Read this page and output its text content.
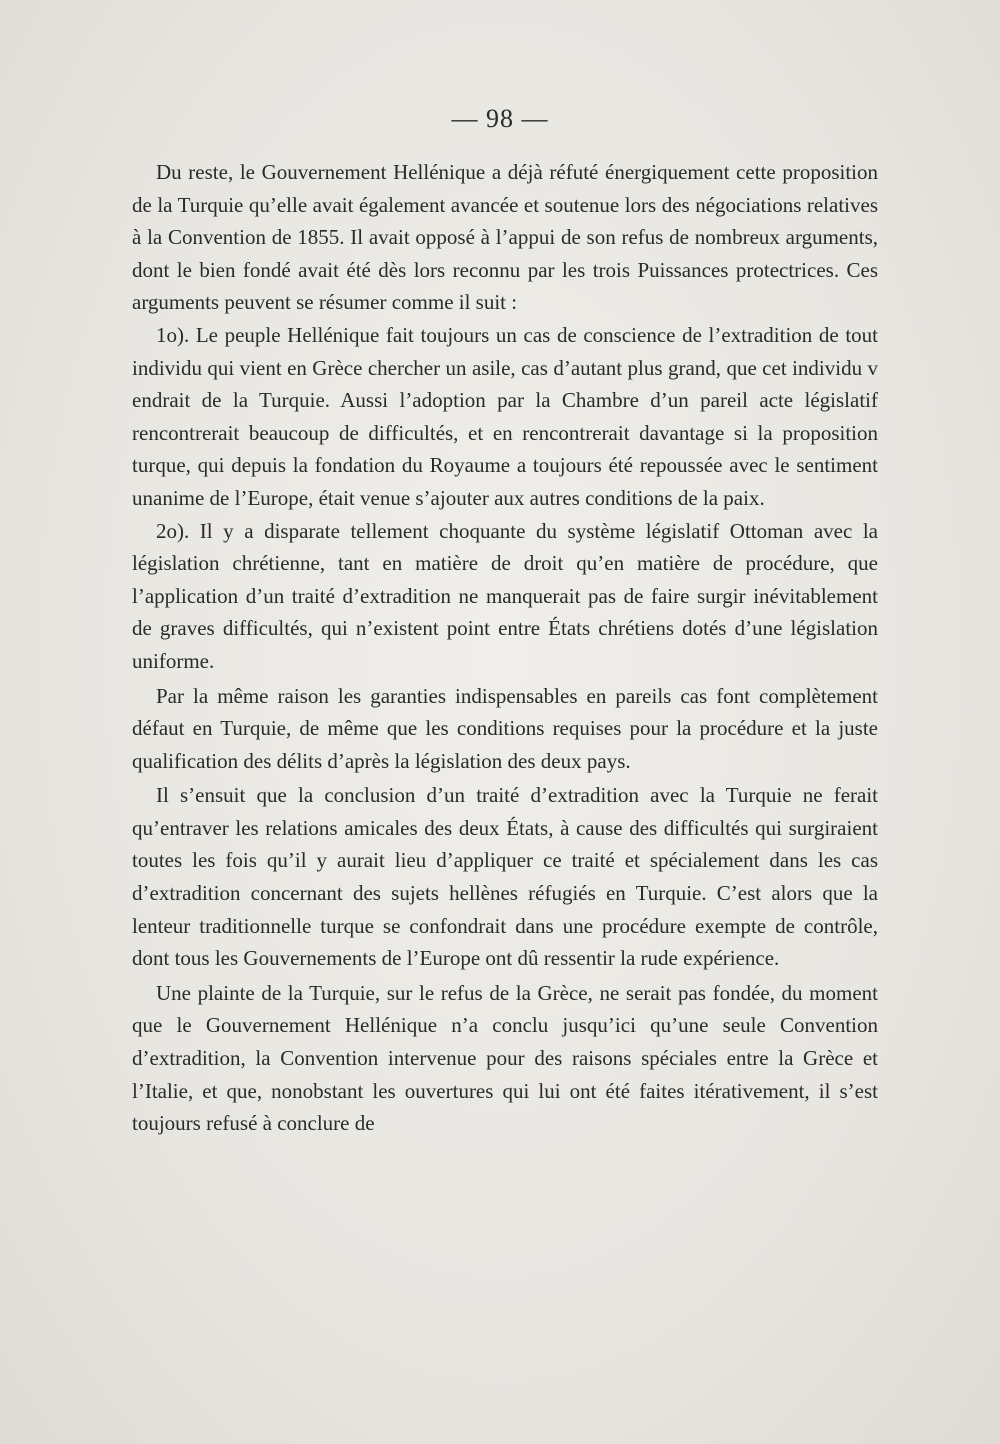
— 98 —

Du reste, le Gouvernement Hellénique a déjà réfuté énergiquement cette proposition de la Turquie qu’elle avait également avancée et soutenue lors des négociations relatives à la Convention de 1855. Il avait opposé à l’appui de son refus de nombreux arguments, dont le bien fondé avait été dès lors reconnu par les trois Puissances protectrices. Ces arguments peuvent se résumer comme il suit :

1o). Le peuple Hellénique fait toujours un cas de conscience de l’extradition de tout individu qui vient en Grèce chercher un asile, cas d’autant plus grand, que cet individu v endrait de la Turquie. Aussi l’adoption par la Chambre d’un pareil acte législatif rencontrerait beaucoup de difficultés, et en rencontrerait davantage si la proposition turque, qui depuis la fondation du Royaume a toujours été repoussée avec le sentiment unanime de l’Europe, était venue s’ajouter aux autres conditions de la paix.

2o). Il y a disparate tellement choquante du système législatif Ottoman avec la législation chrétienne, tant en matière de droit qu’en matière de procédure, que l’application d’un traité d’extradition ne manquerait pas de faire surgir inévitablement de graves difficultés, qui n’existent point entre États chrétiens dotés d’une législation uniforme.

Par la même raison les garanties indispensables en pareils cas font complètement défaut en Turquie, de même que les conditions requises pour la procédure et la juste qualification des délits d’après la législation des deux pays.

Il s’ensuit que la conclusion d’un traité d’extradition avec la Turquie ne ferait qu’entraver les relations amicales des deux États, à cause des difficultés qui surgiraient toutes les fois qu’il y aurait lieu d’appliquer ce traité et spécialement dans les cas d’extradition concernant des sujets hellènes réfugiés en Turquie. C’est alors que la lenteur traditionnelle turque se confondrait dans une procédure exempte de contrôle, dont tous les Gouvernements de l’Europe ont dû ressentir la rude expérience.

Une plainte de la Turquie, sur le refus de la Grèce, ne serait pas fondée, du moment que le Gouvernement Hellénique n’a conclu jusqu’ici qu’une seule Convention d’extradition, la Convention intervenue pour des raisons spéciales entre la Grèce et l’Italie, et que, nonobstant les ouvertures qui lui ont été faites itérativement, il s’est toujours refusé à conclure de
